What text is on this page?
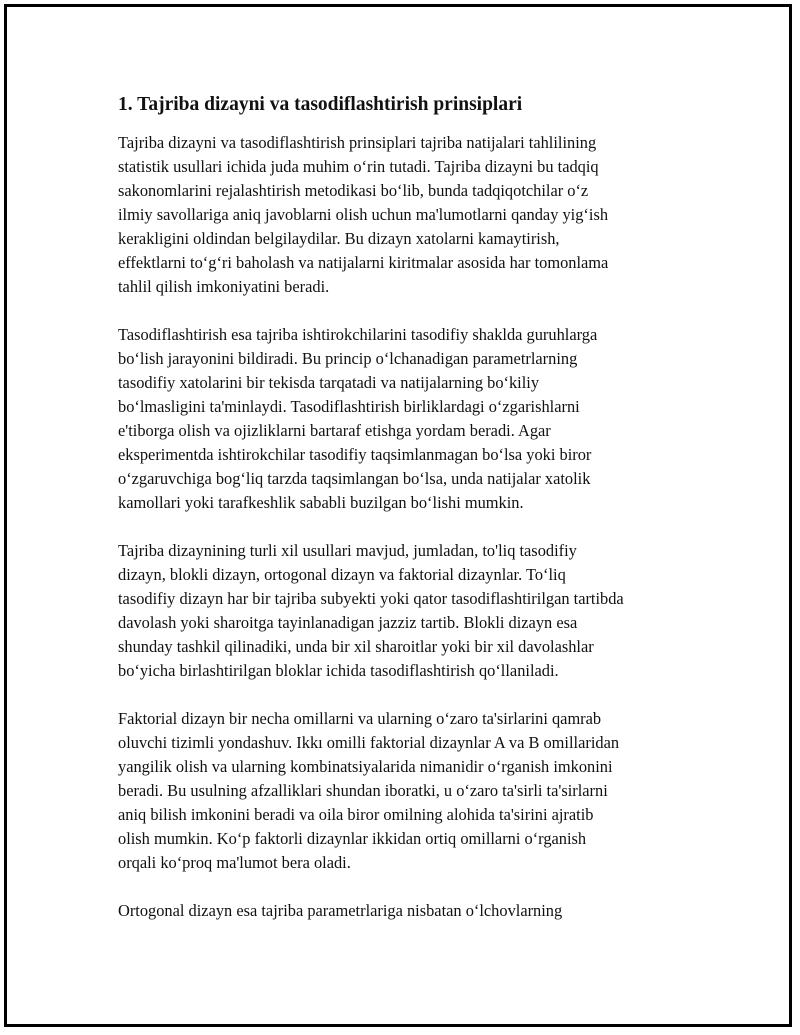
1. Tajriba dizayni va tasodiflashtirish prinsiplari

Tajriba dizayni va tasodiflashtirish prinsiplari tajriba natijalari tahlilining
statistik usullari ichida juda muhim o‘rin tutadi. Tajriba dizayni bu tadqiq
sakonomlarini rejalashtirish metodikasi bo‘lib, bunda tadqiqotchilar o‘z
ilmiy savollariga aniq javoblarni olish uchun ma'lumotlarni qanday yig‘ish
kerakligini oldindan belgilaydilar. Bu dizayn xatolarni kamaytirish,
effektlarni to‘g‘ri baholash va natijalarni kiritmalar asosida har tomonlama
tahlil qilish imkoniyatini beradi.

Tasodiflashtirish esa tajriba ishtirokchilarini tasodifiy shaklda guruhlarga
bo‘lish jarayonini bildiradi. Bu princip o‘lchanadigan parametrlarning
tasodifiy xatolarini bir tekisda tarqatadi va natijalarning bo‘kiliy
bo‘lmasligini ta'minlaydi. Tasodiflashtirish birliklardagi o‘zgarishlarni
e'tiborga olish va ojizliklarni bartaraf etishga yordam beradi. Agar
eksperimentda ishtirokchilar tasodifiy taqsimlanmagan bo‘lsa yoki biror
o‘zgaruvchiga bog‘liq tarzda taqsimlangan bo‘lsa, unda natijalar xatolik
kamollari yoki tarafkeshlik sababli buzilgan bo‘lishi mumkin.

Tajriba dizaynining turli xil usullari mavjud, jumladan, to'liq tasodifiy
dizayn, blokli dizayn, ortogonal dizayn va faktorial dizaynlar. To‘liq
tasodifiy dizayn har bir tajriba subyekti yoki qator tasodiflashtirilgan tartibda
davolash yoki sharoitga tayinlanadigan jazziz tartib. Blokli dizayn esa
shunday tashkil qilinadiki, unda bir xil sharoitlar yoki bir xil davolashlar
bo‘yicha birlashtirilgan bloklar ichida tasodiflashtirish qo‘llaniladi.

Faktorial dizayn bir necha omillarni va ularning o‘zaro ta'sirlarini qamrab
oluvchi tizimli yondashuv. Ikkı omilli faktorial dizaynlar A va B omillaridan
yangilik olish va ularning kombinatsiyalarida nimanidir o‘rganish imkonini
beradi. Bu usulning afzalliklari shundan iboratki, u o‘zaro ta'sirli ta'sirlarni
aniq bilish imkonini beradi va oila biror omilning alohida ta'sirini ajratib
olish mumkin. Ko‘p faktorli dizaynlar ikkidan ortiq omillarni o‘rganish
orqali ko‘proq ma'lumot bera oladi.

Ortogonal dizayn esa tajriba parametrlariga nisbatan o‘lchovlarning
